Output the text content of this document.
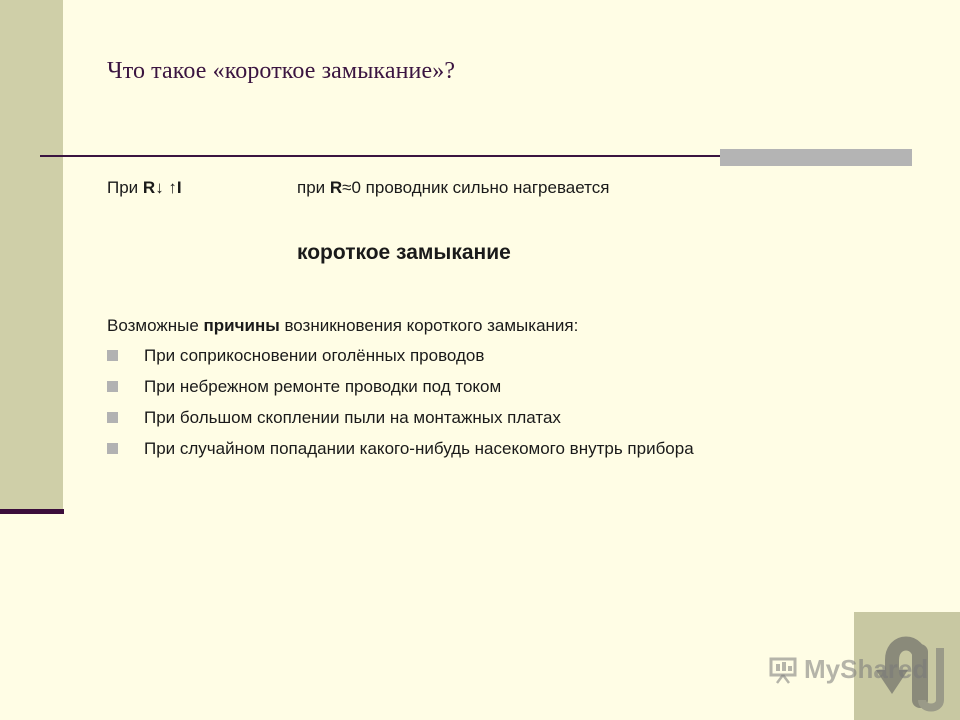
Что такое «короткое замыкание»?
При R↓ ↑I	при R≈0 проводник сильно нагревается

короткое замыкание

Возможные причины возникновения короткого замыкания:
При соприкосновении оголённых проводов
При небрежном ремонте проводки под током
При большом скоплении пыли на монтажных платах
При случайном попадании какого-нибудь насекомого внутрь прибора
MyShared
